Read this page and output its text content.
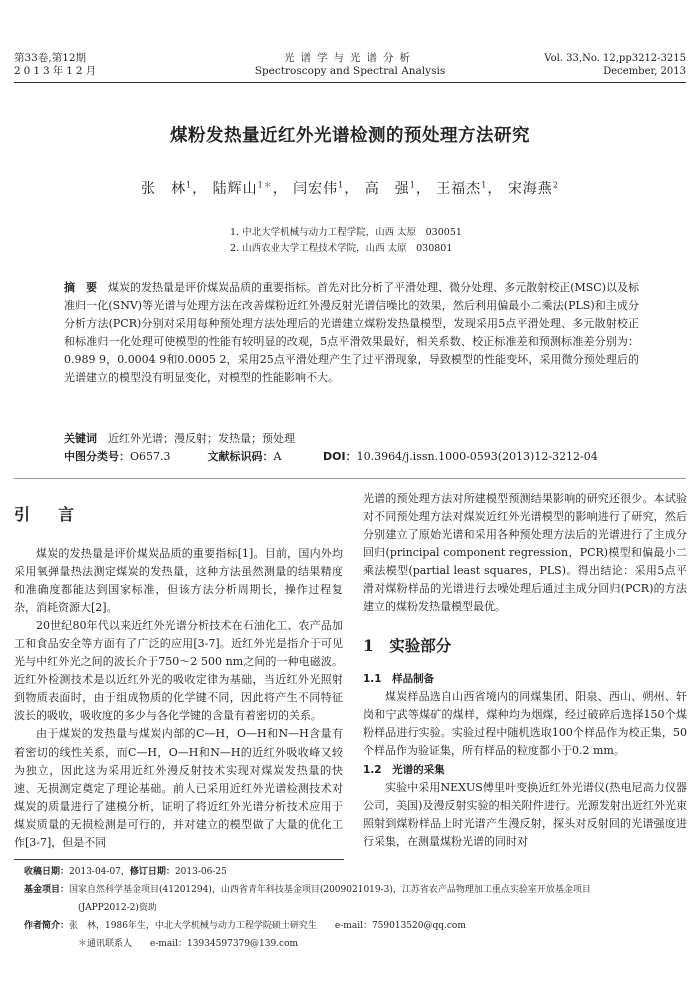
第33卷,第12期
2013年12月
光谱学与光谱分析
Spectroscopy and Spectral Analysis
Vol. 33,No. 12,pp3212-3215
December, 2013
煤粉发热量近红外光谱检测的预处理方法研究
张　林$^1$， 陆辉山$^{1*}$， 闫宏伟$^1$， 高　强$^1$， 王福杰$^1$， 宋海燕$^2$
1. 中北大学机械与动力工程学院，山西 太原　030051
2. 山西农业大学工程技术学院，山西 太原　030801
摘　要　 煤炭的发热量是评价煤炭品质的重要指标。首先对比分析了平滑处理、微分处理、多元散射校正(MSC)以及标准归一化(SNV)等光谱与处理方法在改善煤粉近红外漫反射光谱信噪比的效果，然后利用偏最小二乘法(PLS)和主成分分析方法(PCR)分别对采用每种预处理方法处理后的光谱建立煤粉发热量模型，发现采用5点平滑处理、多元散射校正和标准归一化处理可使模型的性能有较明显的改观，5点平滑效果最好，相关系数、校正标准差和预测标准差分别为：0.989 9，0.0004 9和0.0005 2，采用25点平滑处理产生了过平滑现象，导致模型的性能变坏，采用微分预处理后的光谱建立的模型没有明显变化，对模型的性能影响不大。
关键词　 近红外光谱；漫反射；发热量；预处理
中图分类号：O657.3	文献标识码：A	DOI：10.3964/j.issn.1000-0593(2013)12-3212-04
引　言

煤炭的发热量是评价煤炭品质的重要指标[1]。目前，国内外均采用氧弹量热法测定煤炭的发热量，这种方法虽然测量的结果精度和准确度都能达到国家标准，但该方法分析周期长，操作过程复杂，消耗资源大[2]。

20世纪80年代以来近红外光谱分析技术在石油化工、农产品加工和食品安全等方面有了广泛的应用[3-7]。近红外光是指介于可见光与中红外光之间的波长介于750～2 500 nm之间的一种电磁波。近红外检测技术是以近红外光的吸收定律为基础，当近红外光照射到物质表面时，由于组成物质的化学键不同，因此将产生不同特征波长的吸收，吸收度的多少与各化学键的含量有着密切的关系。

由于煤炭的发热量与煤炭内部的C—H，O—H和N—H含量有着密切的线性关系，而C—H，O—H和N—H的近红外吸收峰又较为独立，因此这为采用近红外漫反射技术实现对煤炭发热量的快速、无损测定奠定了理论基础。前人已采用近红外光谱检测技术对煤炭的质量进行了建模分析，证明了将近红外光谱分析技术应用于煤炭质量的无损检测是可行的，并对建立的模型做了大量的优化工作[3-7]，但是不同

光谱的预处理方法对所建模型预测结果影响的研究还很少。本试验对不同预处理方法对煤炭近红外光谱模型的影响进行了研究，然后分别建立了原始光谱和采用各种预处理方法后的光谱进行了主成分回归(principal component regression，PCR)模型和偏最小二乘法模型(partial least squares，PLS)。得出结论：采用5点平滑对煤粉样品的光谱进行去噪处理后通过主成分回归(PCR)的方法建立的煤粉发热量模型最优。

1　实验部分
1.1　样品制备

煤炭样品选自山西省境内的同煤集团、阳泉、西山、朔州、轩岗和宁武等煤矿的煤样，煤种均为烟煤，经过破碎后选择150个煤粉样品进行实验。实验过程中随机选取100个样品作为校正集，50个样品作为验证集，所有样品的粒度都小于0.2 mm。

1.2　光谱的采集

实验中采用NEXUS傅里叶变换近红外光谱仪(热电尼高力仪器公司，美国)及漫反射实验的相关附件进行。光源发射出近红外光束照射到煤粉样品上时光谱产生漫反射，探头对反射回的光谱强度进行采集，在测量煤粉光谱的同时对

收稿日期：2013-04-07，修订日期：2013-06-25
基金项目：国家自然科学基金项目(41201294)，山西省青年科技基金项目(2009021019-3)，江苏省农产品物理加工重点实验室开放基金项目
(JAPP2012-2)资助
作者简介：张　林，1986年生，中北大学机械与动力工程学院硕士研究生　　e-mail：759013520@qq.com
＊通讯联系人　　e-mail：13934597379@139.com
